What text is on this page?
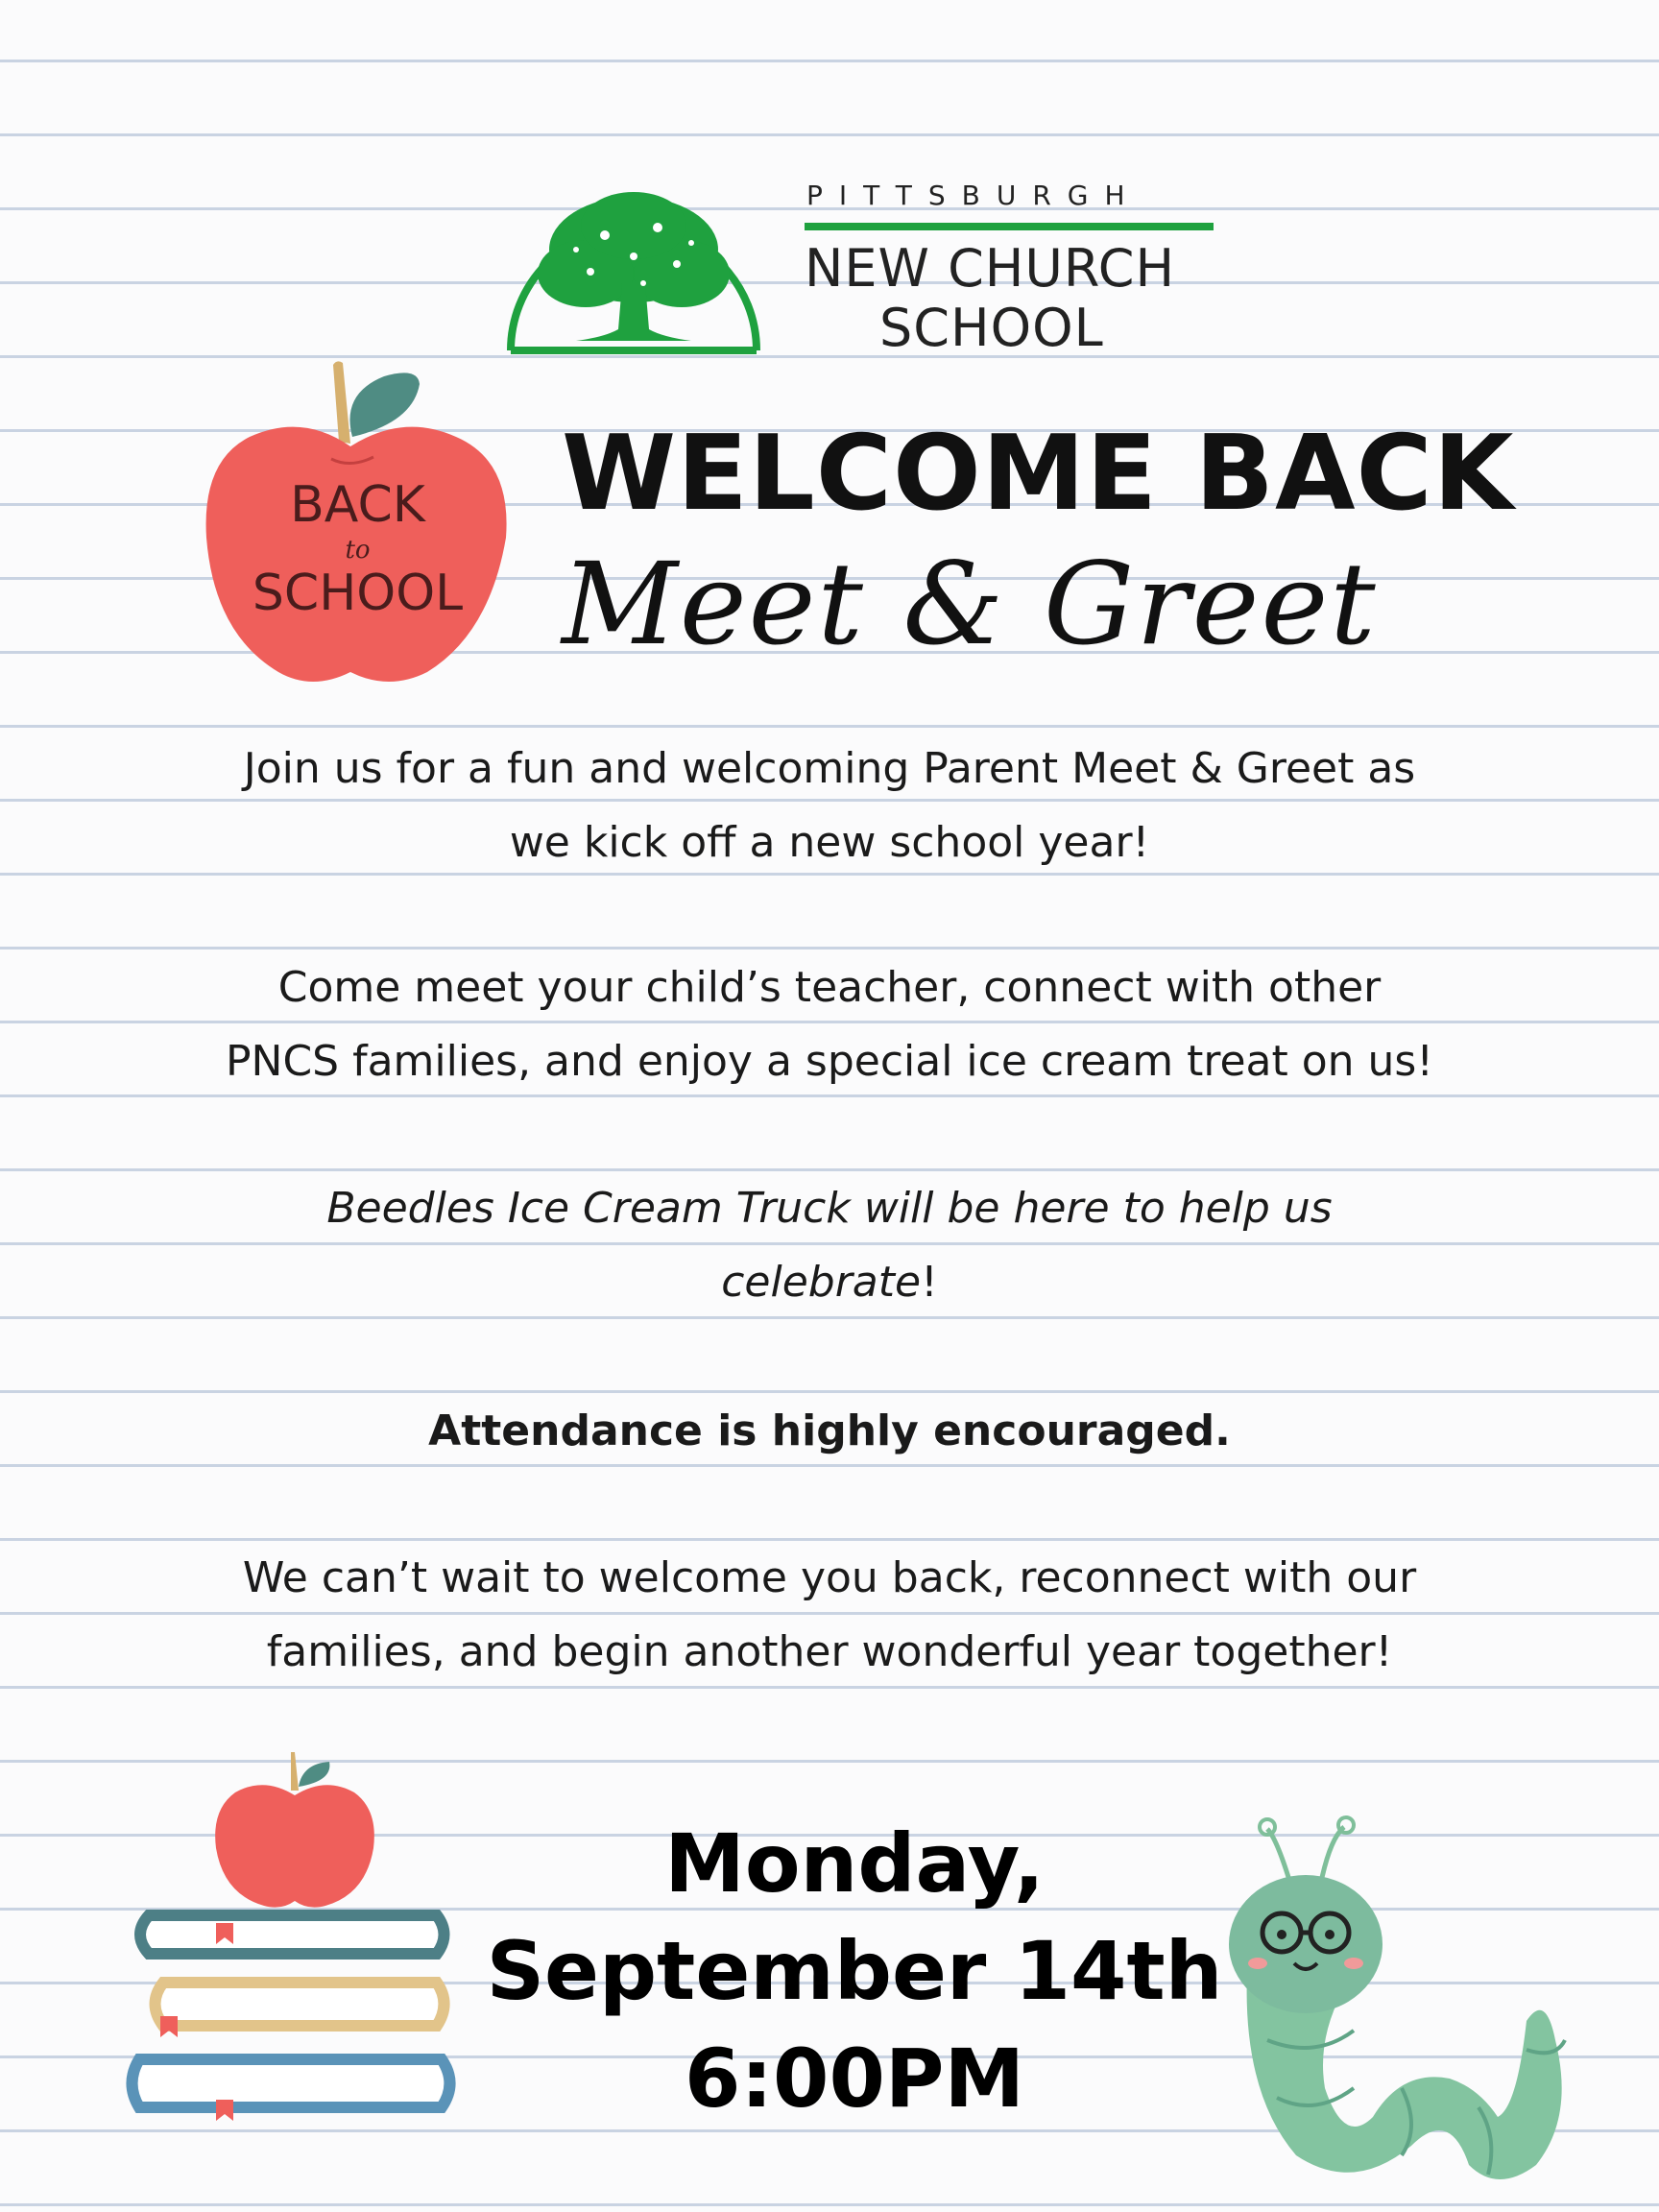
PITTSBURGH
NEW CHURCH
SCHOOL
BACK
to
SCHOOL
WELCOME BACK
Meet & Greet
Join us for a fun and welcoming Parent Meet & Greet as
we kick off a new school year!
Come meet your child’s teacher, connect with other
PNCS families, and enjoy a special ice cream treat on us!
Beedles Ice Cream Truck will be here to help us
celebrate!
Attendance is highly encouraged.
We can’t wait to welcome you back, reconnect with our
families, and begin another wonderful year together!
Monday,
September 14th
6:00PM
